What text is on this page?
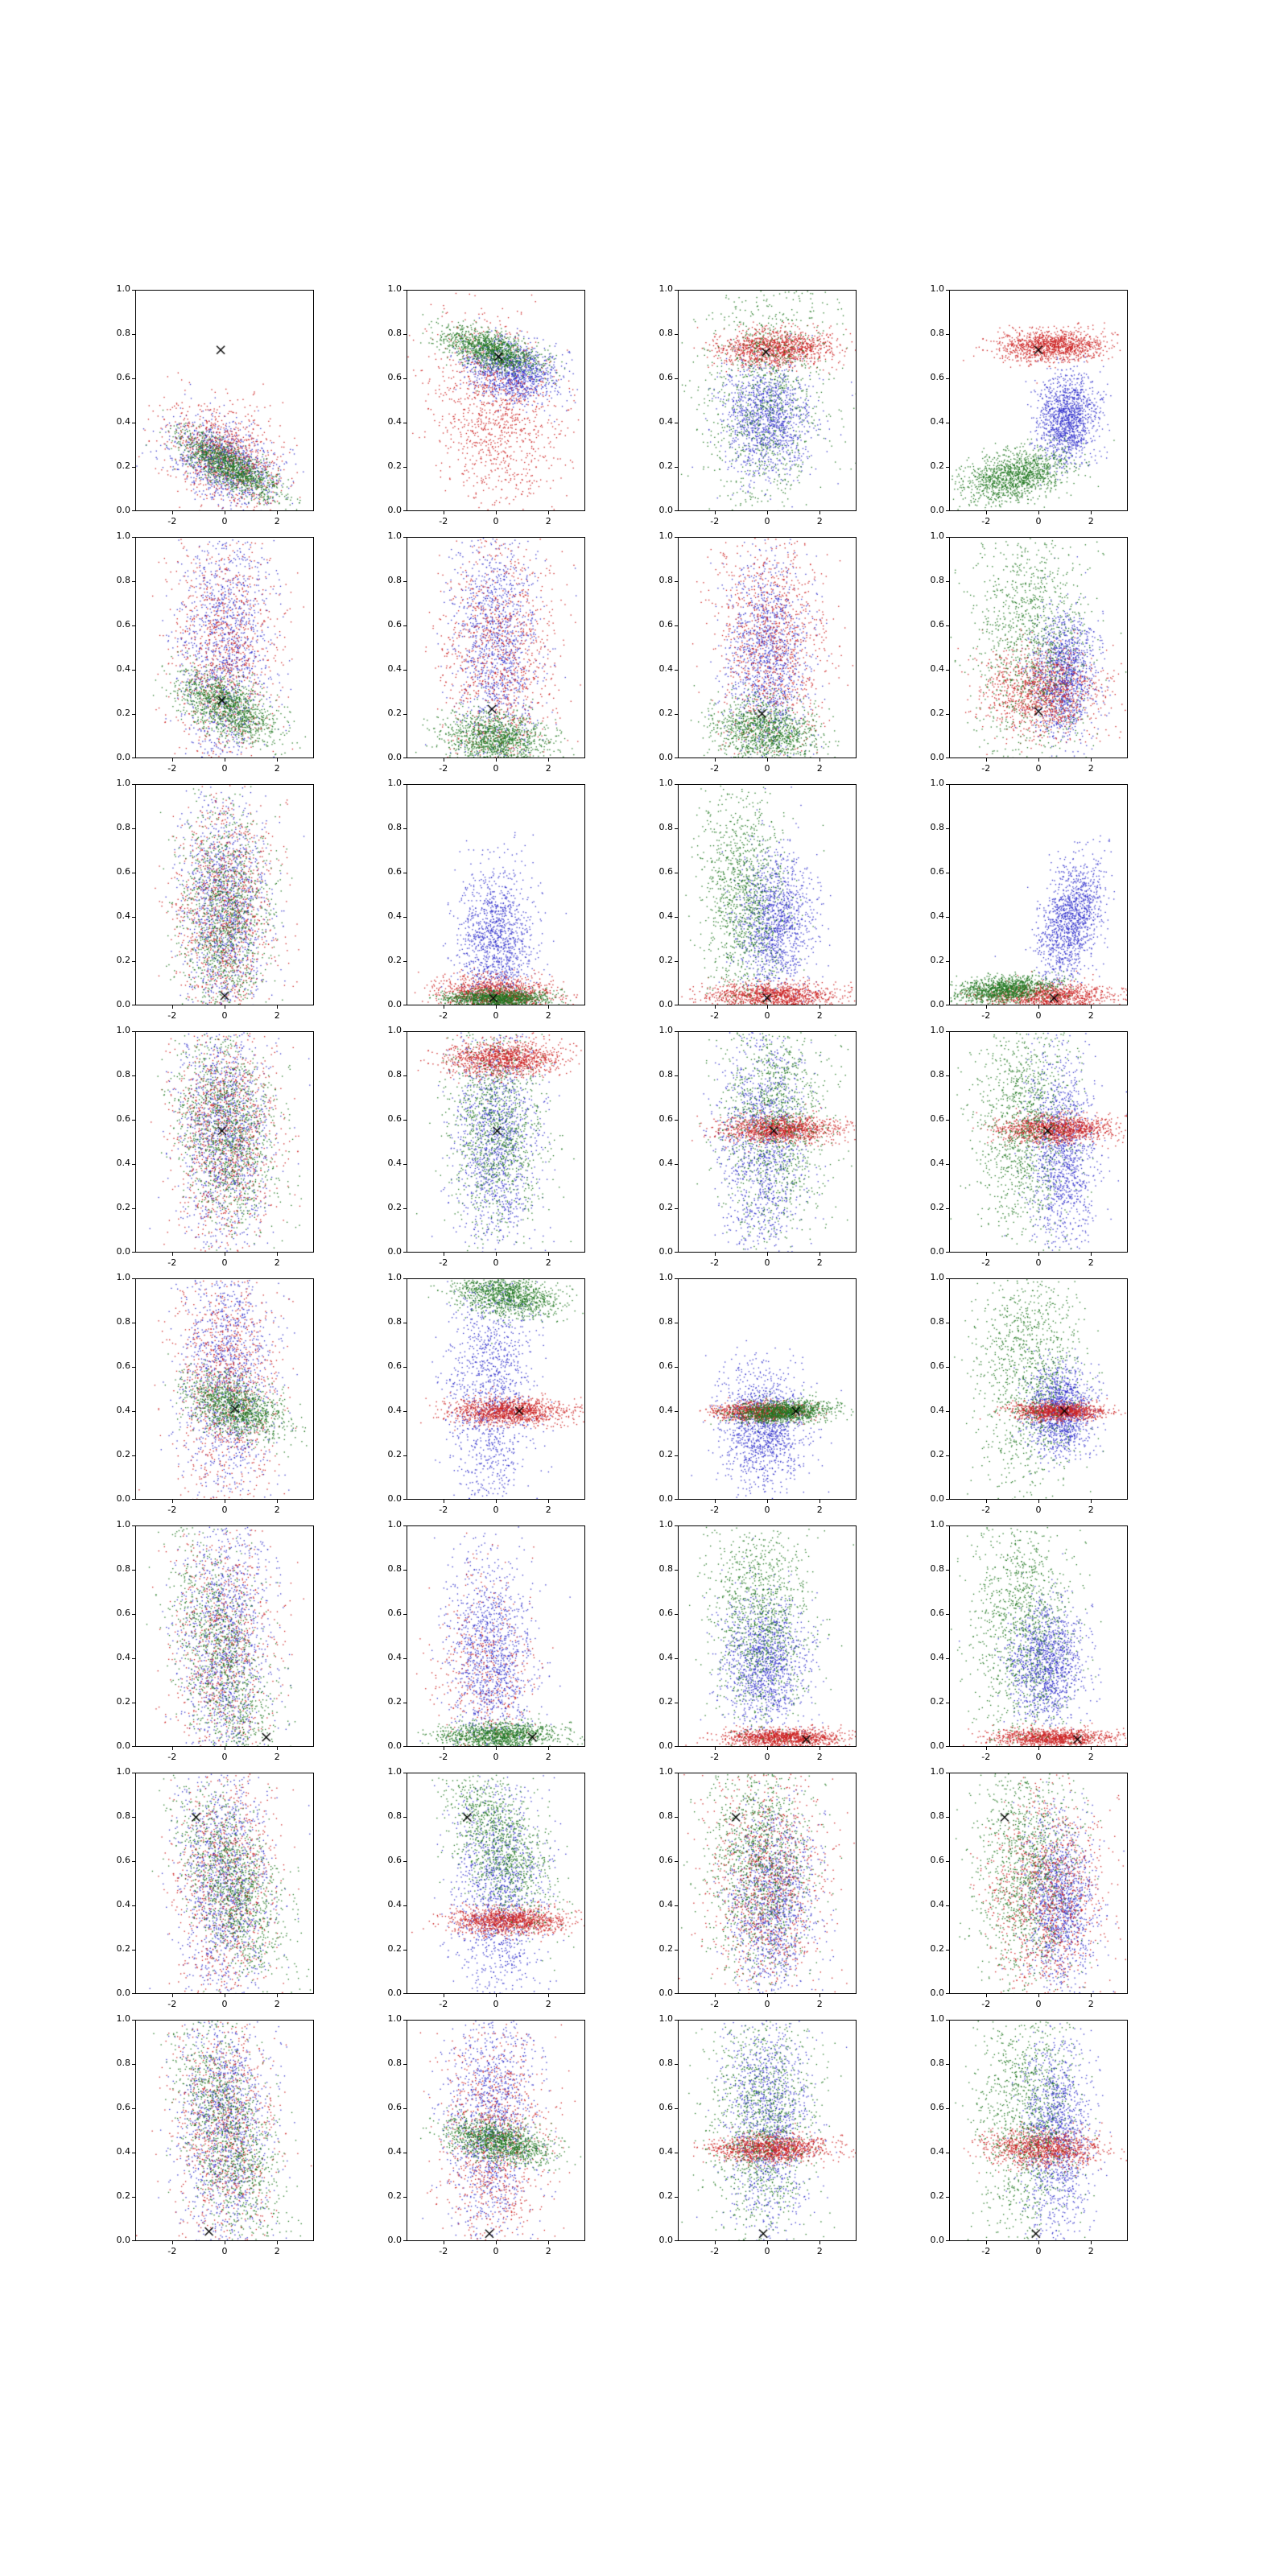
0.0
0.2
0.4
0.6
0.8
1.0
-2	0	2
0.0
0.2
0.4
0.6
0.8
1.0
-2	0	2
0.0
0.2
0.4
0.6
0.8
1.0
-2	0	2
0.0
0.2
0.4
0.6
0.8
1.0
-2	0	2
0.0
0.2
0.4
0.6
0.8
1.0
-2	0	2
0.0
0.2
0.4
0.6
0.8
1.0
-2	0	2
0.0
0.2
0.4
0.6
0.8
1.0
-2	0	2
0.0
0.2
0.4
0.6
0.8
1.0
-2	0	2
0.0
0.2
0.4
0.6
0.8
1.0
-2	0	2
0.0
0.2
0.4
0.6
0.8
1.0
-2	0	2
0.0
0.2
0.4
0.6
0.8
1.0
-2	0	2
0.0
0.2
0.4
0.6
0.8
1.0
-2	0	2
0.0
0.2
0.4
0.6
0.8
1.0
-2	0	2
0.0
0.2
0.4
0.6
0.8
1.0
-2	0	2
0.0
0.2
0.4
0.6
0.8
1.0
-2	0	2
0.0
0.2
0.4
0.6
0.8
1.0
-2	0	2
0.0
0.2
0.4
0.6
0.8
1.0
-2	0	2
0.0
0.2
0.4
0.6
0.8
1.0
-2	0	2
0.0
0.2
0.4
0.6
0.8
1.0
-2	0	2
0.0
0.2
0.4
0.6
0.8
1.0
-2	0	2
0.0
0.2
0.4
0.6
0.8
1.0
-2	0	2
0.0
0.2
0.4
0.6
0.8
1.0
-2	0	2
0.0
0.2
0.4
0.6
0.8
1.0
-2	0	2
0.0
0.2
0.4
0.6
0.8
1.0
-2	0	2
0.0
0.2
0.4
0.6
0.8
1.0
-2	0	2
0.0
0.2
0.4
0.6
0.8
1.0
-2	0	2
0.0
0.2
0.4
0.6
0.8
1.0
-2	0	2
0.0
0.2
0.4
0.6
0.8
1.0
-2	0	2
0.0
0.2
0.4
0.6
0.8
1.0
-2	0	2
0.0
0.2
0.4
0.6
0.8
1.0
-2	0	2
0.0
0.2
0.4
0.6
0.8
1.0
-2	0	2
0.0
0.2
0.4
0.6
0.8
1.0
-2	0	2
